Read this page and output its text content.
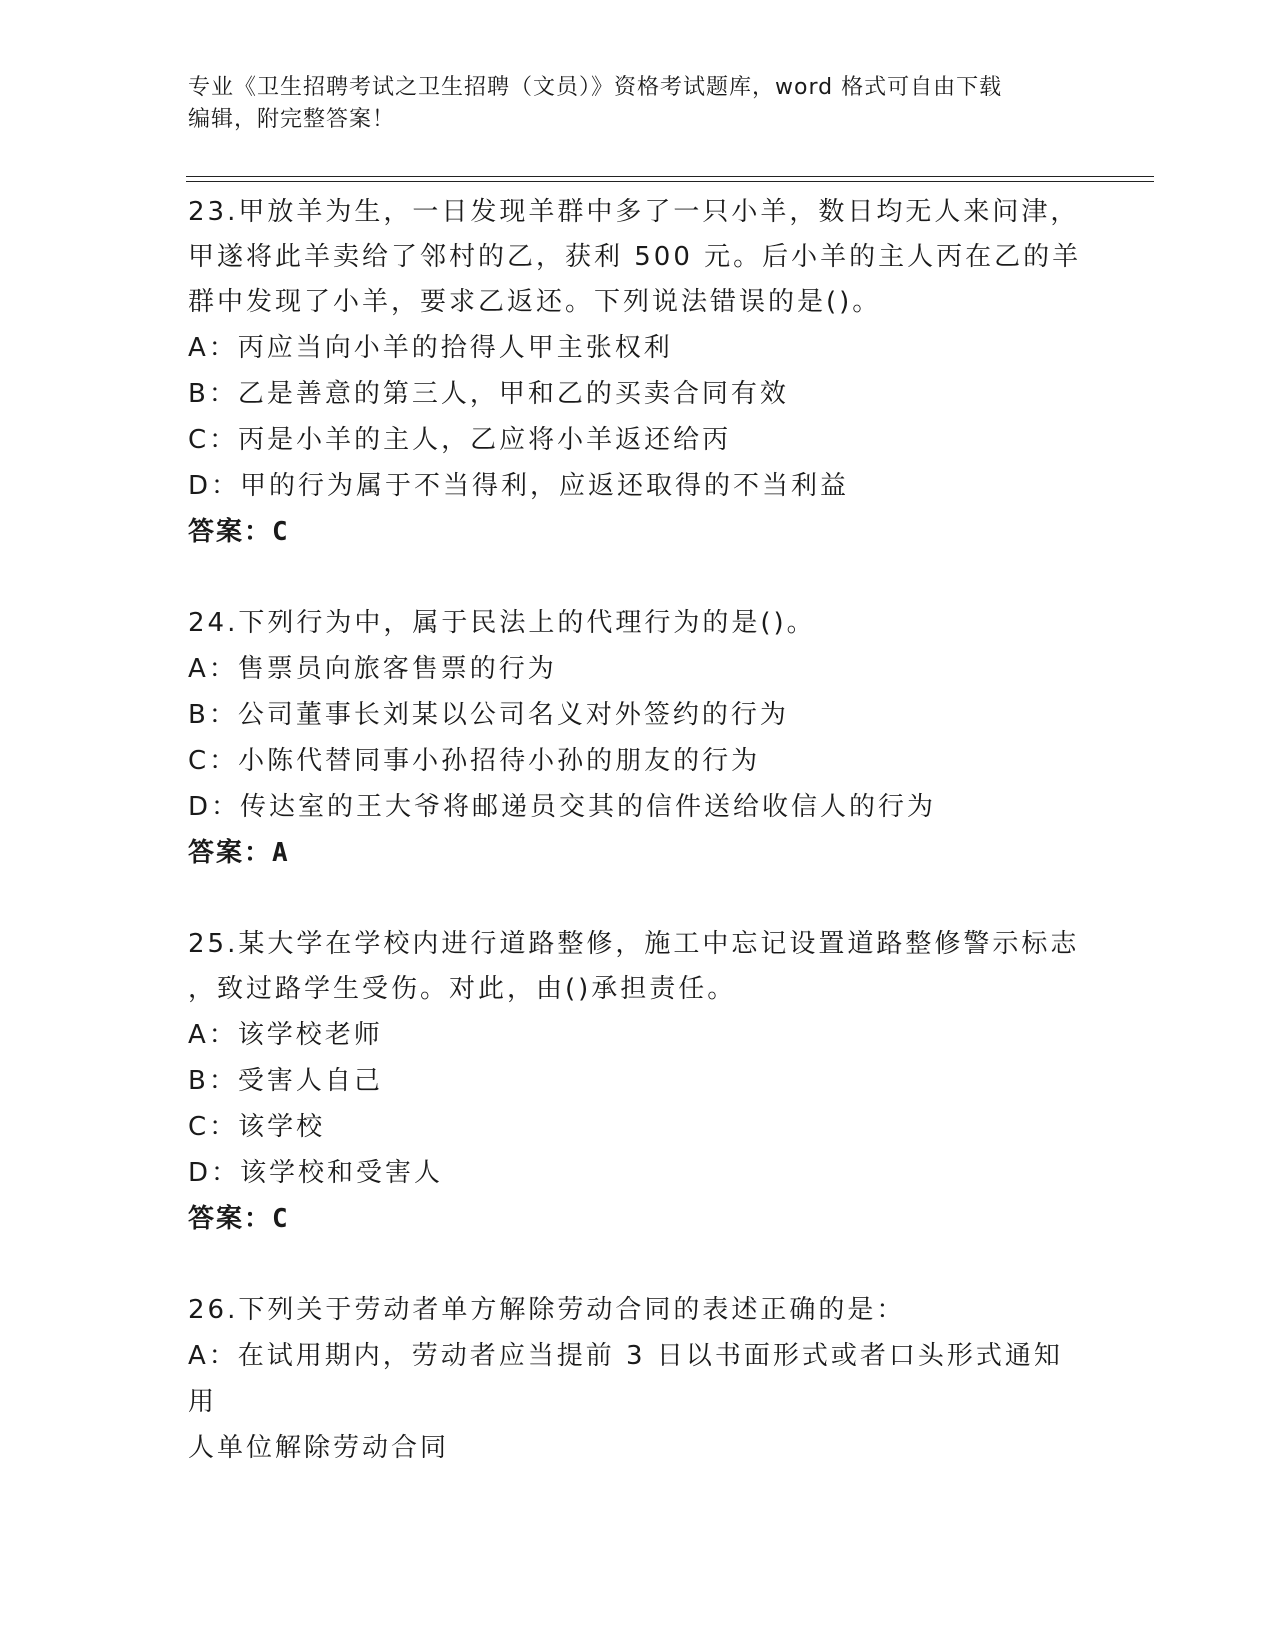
专业《卫生招聘考试之卫生招聘（文员）》资格考试题库，word 格式可自由下载
编辑，附完整答案！
23.甲放羊为生，一日发现羊群中多了一只小羊，数日均无人来问津，
甲遂将此羊卖给了邻村的乙，获利 500 元。后小羊的主人丙在乙的羊
群中发现了小羊，要求乙返还。下列说法错误的是()。
A：丙应当向小羊的拾得人甲主张权利
B：乙是善意的第三人，甲和乙的买卖合同有效
C：丙是小羊的主人，乙应将小羊返还给丙
D：甲的行为属于不当得利，应返还取得的不当利益
答案：C
24.下列行为中，属于民法上的代理行为的是()。
A：售票员向旅客售票的行为
B：公司董事长刘某以公司名义对外签约的行为
C：小陈代替同事小孙招待小孙的朋友的行为
D：传达室的王大爷将邮递员交其的信件送给收信人的行为
答案：A
25.某大学在学校内进行道路整修，施工中忘记设置道路整修警示标志
，致过路学生受伤。对此，由()承担责任。
A：该学校老师
B：受害人自己
C：该学校
D：该学校和受害人
答案：C
26.下列关于劳动者单方解除劳动合同的表述正确的是：
A：在试用期内，劳动者应当提前 3 日以书面形式或者口头形式通知用
人单位解除劳动合同
